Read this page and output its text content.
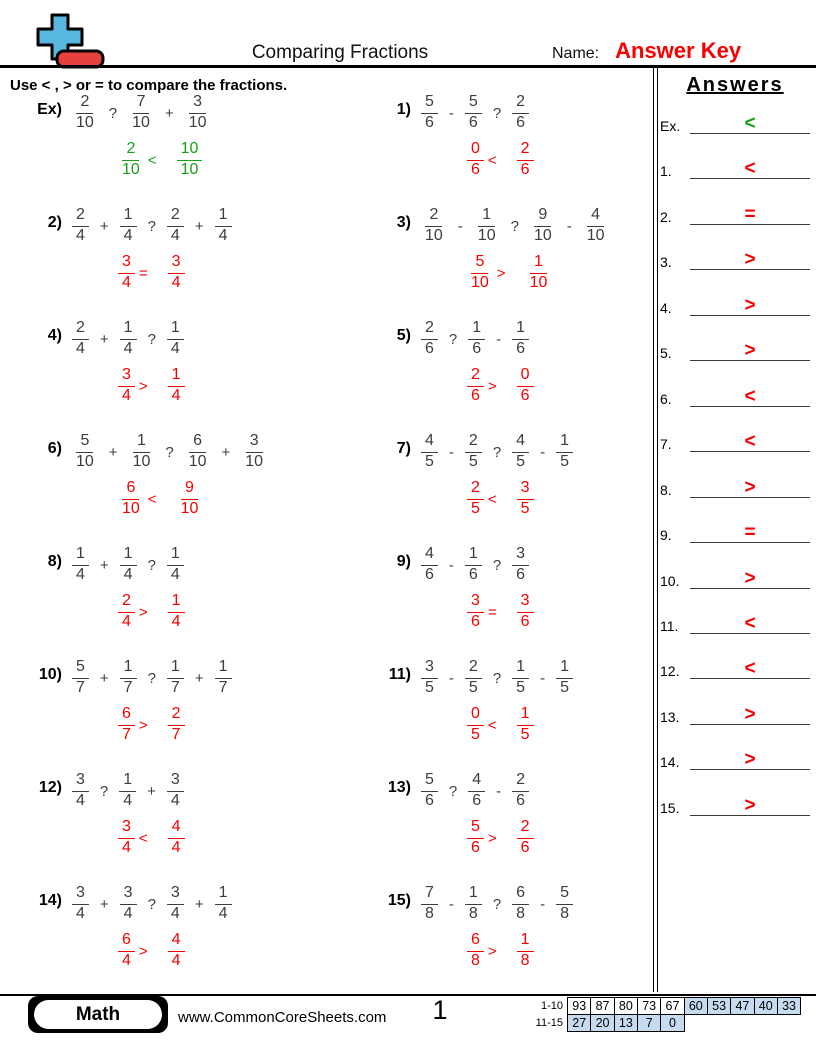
Comparing Fractions	Name: Answer Key
Use < , > or = to compare the fractions.	Answers
Ex.	<
1.	<
2.	=
3.	>
4.	>
5.	>
6.	<
7.	<
8.	>
9.	=
10.	>
11.	<
12.	<
13.	>
14.	>
15.	>
$Ex) \frac{2}{10}$ ? $\frac{7}{10} + \frac{3}{10}$
$\frac{2}{10} < \frac{10}{10}$
$1) \frac{5}{6} - \frac{5}{6}$ ? $\frac{2}{6}$
$\frac{0}{6} < \frac{2}{6}$
$2) \frac{2}{4} + \frac{1}{4}$ ? $\frac{2}{4} + \frac{1}{4}$
$\frac{3}{4} = \frac{3}{4}$
$3) \frac{2}{10} - \frac{1}{10}$ ? $\frac{9}{10} - \frac{4}{10}$
$\frac{5}{10} > \frac{1}{10}$
$4) \frac{2}{4} + \frac{1}{4}$ ? $\frac{1}{4}$
$\frac{3}{4} > \frac{1}{4}$
$5) \frac{2}{6}$ ? $\frac{1}{6} - \frac{1}{6}$
$\frac{2}{6} > \frac{0}{6}$
$6) \frac{5}{10} + \frac{1}{10}$ ? $\frac{6}{10} + \frac{3}{10}$
$\frac{6}{10} < \frac{9}{10}$
$7) \frac{4}{5} - \frac{2}{5}$ ? $\frac{4}{5} - \frac{1}{5}$
$\frac{2}{5} < \frac{3}{5}$
$8) \frac{1}{4} + \frac{1}{4}$ ? $\frac{1}{4}$
$\frac{2}{4} > \frac{1}{4}$
$9) \frac{4}{6} - \frac{1}{6}$ ? $\frac{3}{6}$
$\frac{3}{6} = \frac{3}{6}$
$10) \frac{5}{7} + \frac{1}{7}$ ? $\frac{1}{7} + \frac{1}{7}$
$\frac{6}{7} > \frac{2}{7}$
$11) \frac{3}{5} - \frac{2}{5}$ ? $\frac{1}{5} - \frac{1}{5}$
$\frac{0}{5} < \frac{1}{5}$
$12) \frac{3}{4}$ ? $\frac{1}{4} + \frac{3}{4}$
$\frac{3}{4} < \frac{4}{4}$
$13) \frac{5}{6}$ ? $\frac{4}{6} - \frac{2}{6}$
$\frac{5}{6} > \frac{2}{6}$
$14) \frac{3}{4} + \frac{3}{4}$ ? $\frac{3}{4} + \frac{1}{4}$
$\frac{6}{4} > \frac{4}{4}$
$15) \frac{7}{8} - \frac{1}{8}$ ? $\frac{6}{8} - \frac{5}{8}$
$\frac{6}{8} > \frac{1}{8}$
Math	www.CommonCoreSheets.com	1	1-10 93 87 80 73 67 60 53 47 40 33
11-15 27 20 13	7	0
